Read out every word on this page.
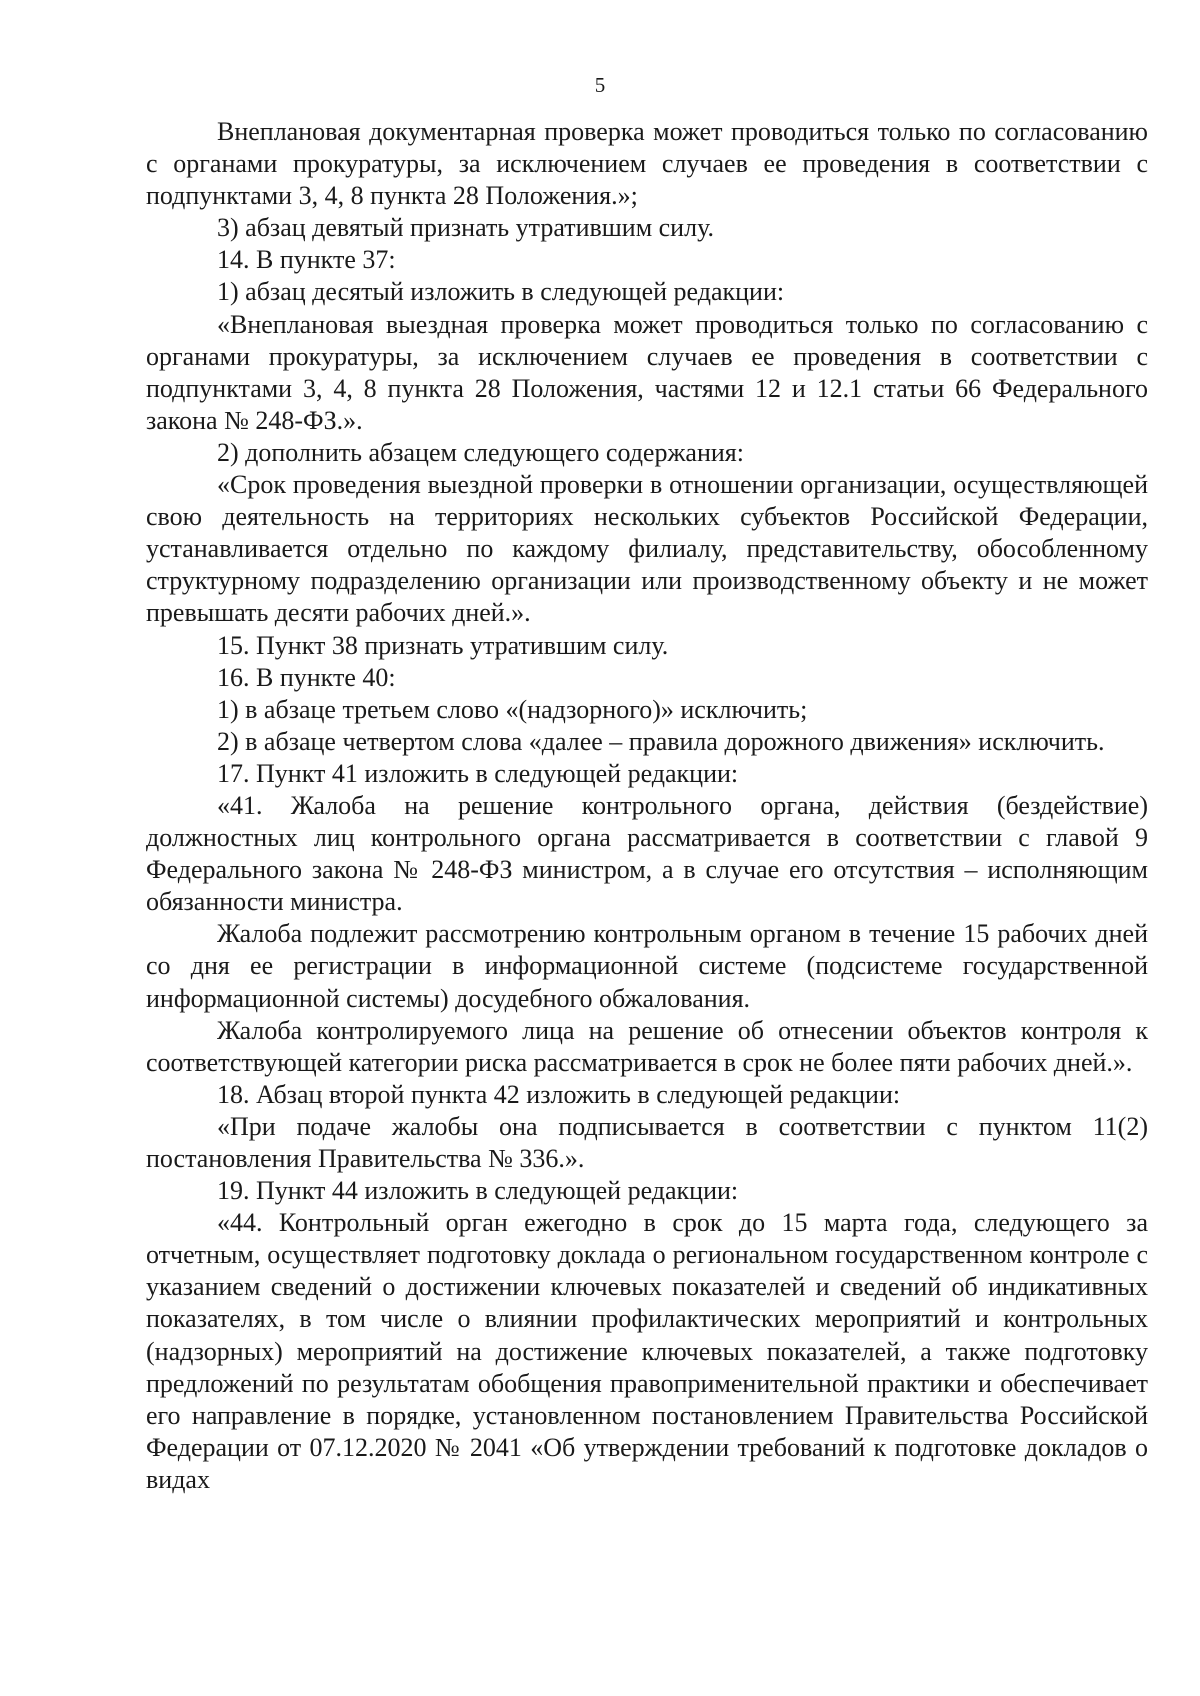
5

Внеплановая документарная проверка может проводиться только по согласованию с органами прокуратуры, за исключением случаев ее проведения в соответствии с подпунктами 3, 4, 8 пункта 28 Положения.»;

3) абзац девятый признать утратившим силу.

14. В пункте 37:

1) абзац десятый изложить в следующей редакции:

«Внеплановая выездная проверка может проводиться только по согласованию с органами прокуратуры, за исключением случаев ее проведения в соответствии с подпунктами 3, 4, 8 пункта 28 Положения, частями 12 и 12.1 статьи 66 Федерального закона № 248-ФЗ.».

2) дополнить абзацем следующего содержания:

«Срок проведения выездной проверки в отношении организации, осуществляющей свою деятельность на территориях нескольких субъектов Российской Федерации, устанавливается отдельно по каждому филиалу, представительству, обособленному структурному подразделению организации или производственному объекту и не может превышать десяти рабочих дней.».

15. Пункт 38 признать утратившим силу.

16. В пункте 40:

1) в абзаце третьем слово «(надзорного)» исключить;

2) в абзаце четвертом слова «далее – правила дорожного движения» исключить.

17. Пункт 41 изложить в следующей редакции:

«41. Жалоба на решение контрольного органа, действия (бездействие) должностных лиц контрольного органа рассматривается в соответствии с главой 9 Федерального закона № 248-ФЗ министром, а в случае его отсутствия – исполняющим обязанности министра.

Жалоба подлежит рассмотрению контрольным органом в течение 15 рабочих дней со дня ее регистрации в информационной системе (подсистеме государственной информационной системы) досудебного обжалования.

Жалоба контролируемого лица на решение об отнесении объектов контроля к соответствующей категории риска рассматривается в срок не более пяти рабочих дней.».

18. Абзац второй пункта 42 изложить в следующей редакции:

«При подаче жалобы она подписывается в соответствии с пунктом 11(2) постановления Правительства № 336.».

19. Пункт 44 изложить в следующей редакции:

«44. Контрольный орган ежегодно в срок до 15 марта года, следующего за отчетным, осуществляет подготовку доклада о региональном государственном контроле с указанием сведений о достижении ключевых показателей и сведений об индикативных показателях, в том числе о влиянии профилактических мероприятий и контрольных (надзорных) мероприятий на достижение ключевых показателей, а также подготовку предложений по результатам обобщения правоприменительной практики и обеспечивает его направление в порядке, установленном постановлением Правительства Российской Федерации от 07.12.2020 № 2041 «Об утверждении требований к подготовке докладов о видах
